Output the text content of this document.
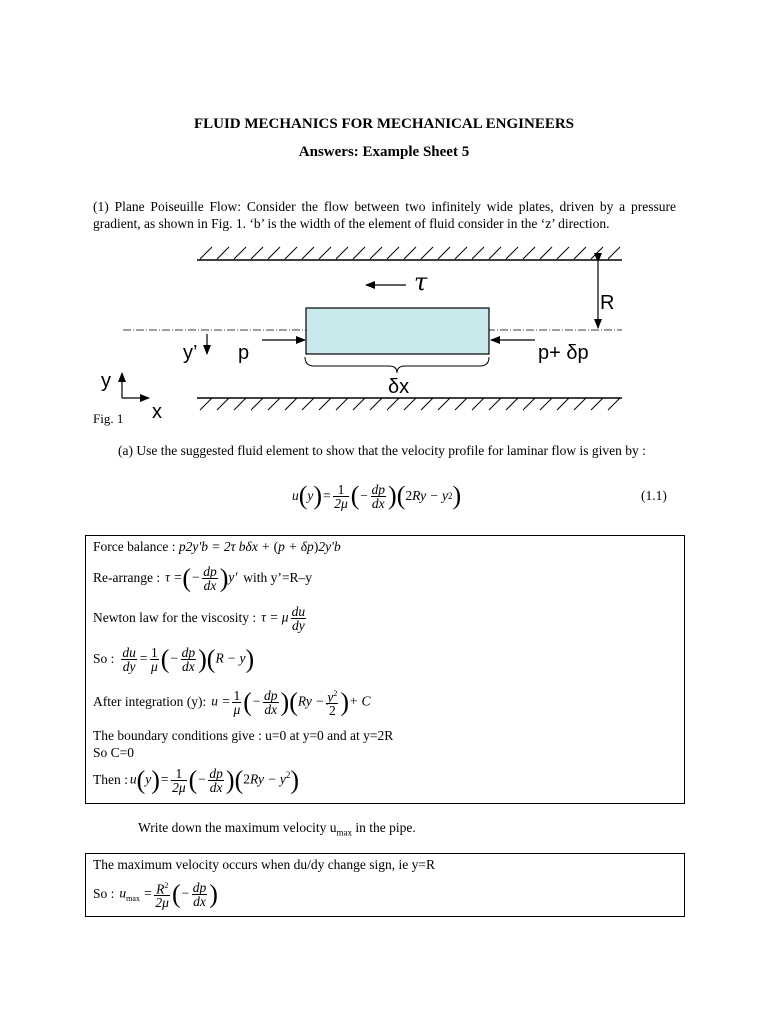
FLUID MECHANICS FOR MECHANICAL ENGINEERS
Answers: Example Sheet 5
(1) Plane Poiseuille Flow: Consider the flow between two infinitely wide plates, driven by a pressure gradient, as shown in Fig. 1. ‘b’ is the width of the element of fluid consider in the ‘z’ direction.
τ
R
y’ p	p+ δp
δx
y
x
Fig. 1
(a) Use the suggested fluid element to show that the velocity profile for laminar flow is given by :
u ( y ) = $\frac{1}{2\mu}$ ( − $\frac{dp}{dx}$ ) ( 2 Ry − y 2 )	(1.1)
Force balance : p2y'b = 2τ bδx + (p + δp)2y'b
Re-arrange : τ =(− $\frac{dp}{dx} )y'$ with y’=R–y
Newton law for the viscosity : τ = μ $\frac{du}{dy}$
So : $\frac{du}{dy} = \frac{1}{\mu}$ (− $\frac{dp}{dx} )(R - y)$
After integration (y): $u = \frac{1}{\mu}$ (− $\frac{dp}{dx} )(Ry - \frac{y^2}{2}$ )+ C
The boundary conditions give : u=0 at y=0 and at y=2R
So C=0
Then : $u(y)= \frac{1}{2\mu}$ (− $\frac{dp}{dx} )(2Ry - y^2)$
Write down the maximum velocity $u_{max}$ in the pipe.
The maximum velocity occurs when du/dy change sign, ie y=R
So : $u_{max} = \frac{R^2}{2\mu}$ (− $\frac{dp}{dx}$ )
